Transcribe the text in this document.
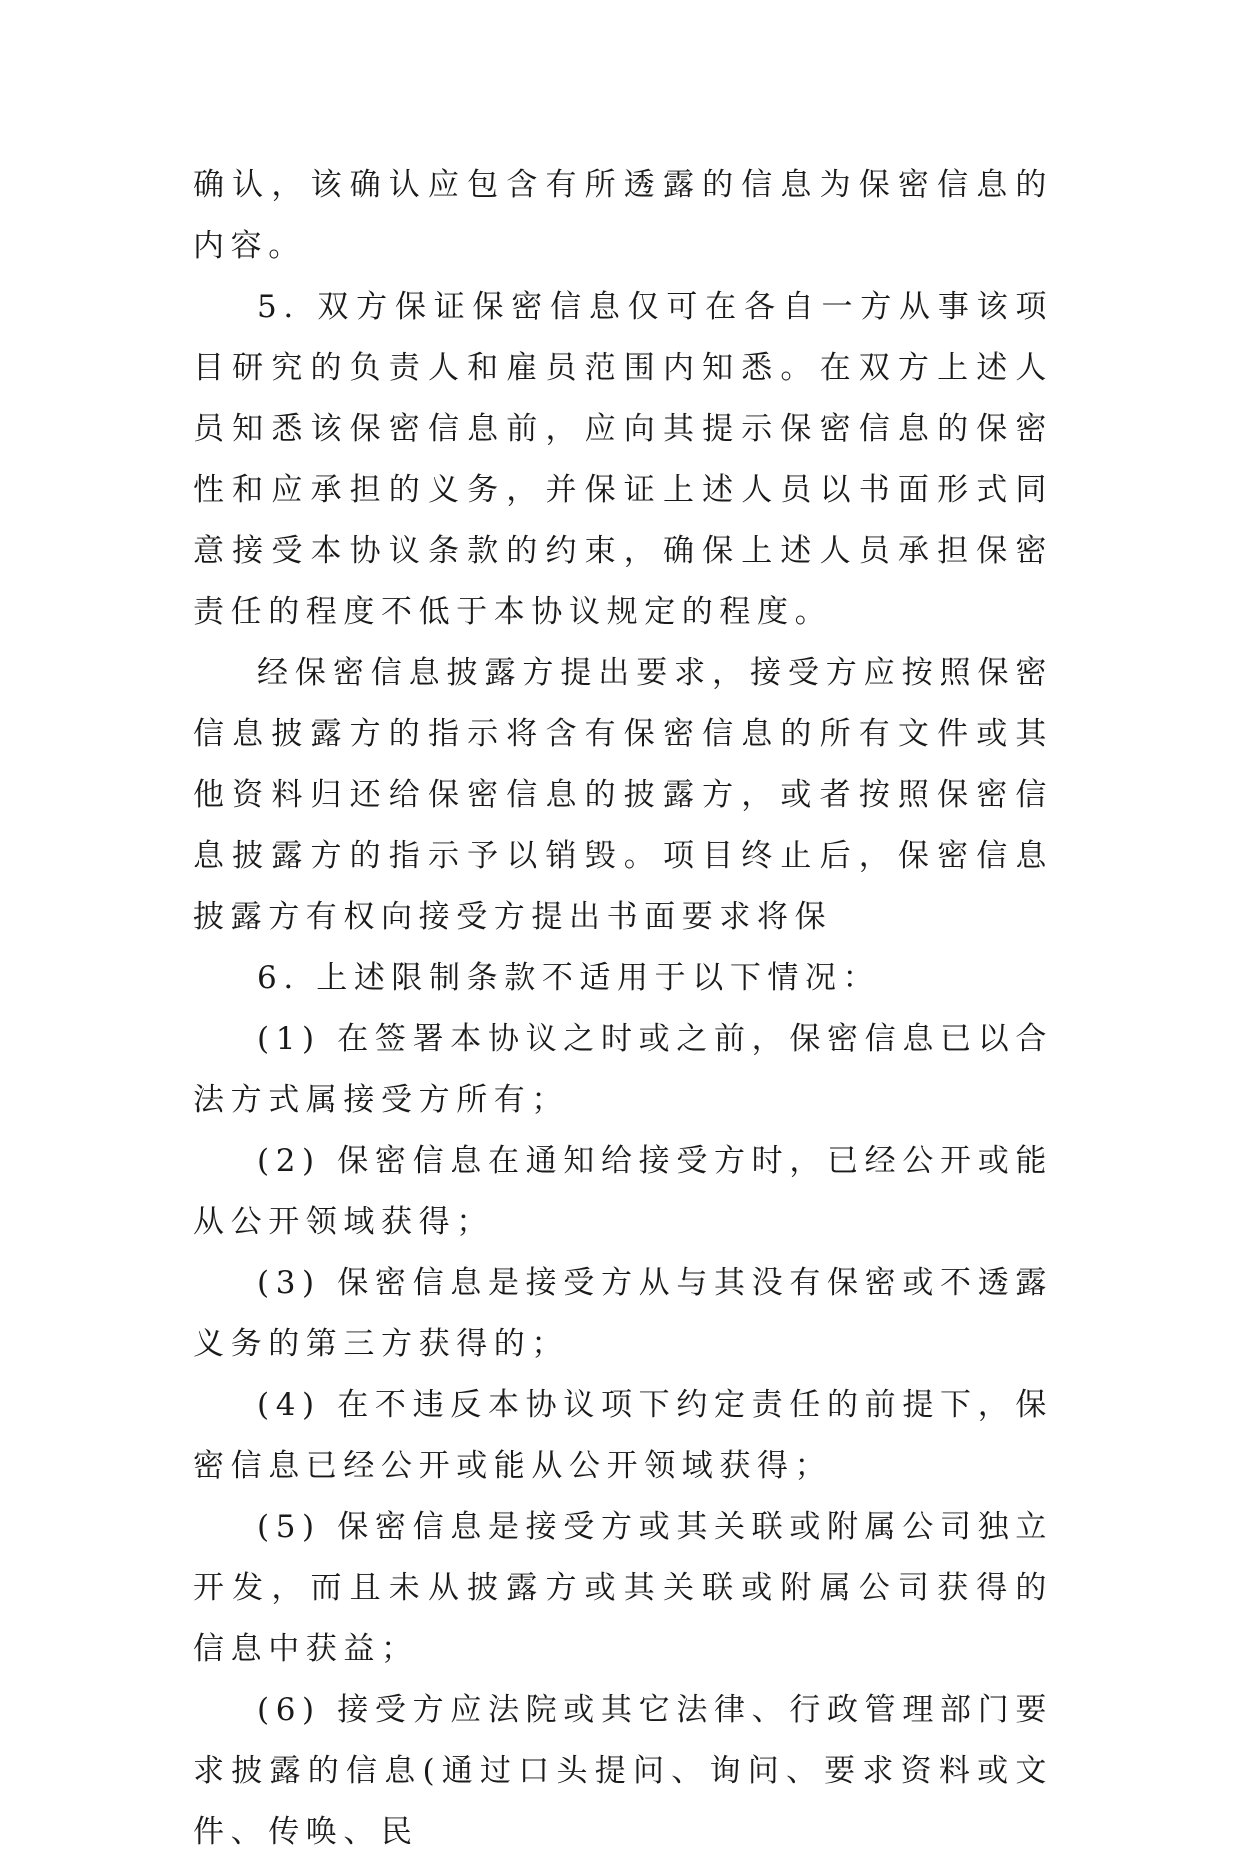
确认，该确认应包含有所透露的信息为保密信息的内容。

5. 双方保证保密信息仅可在各自一方从事该项目研究的负责人和雇员范围内知悉。在双方上述人员知悉该保密信息前，应向其提示保密信息的保密性和应承担的义务，并保证上述人员以书面形式同意接受本协议条款的约束，确保上述人员承担保密责任的程度不低于本协议规定的程度。

经保密信息披露方提出要求，接受方应按照保密信息披露方的指示将含有保密信息的所有文件或其他资料归还给保密信息的披露方，或者按照保密信息披露方的指示予以销毁。项目终止后，保密信息披露方有权向接受方提出书面要求将保

6. 上述限制条款不适用于以下情况：

(1) 在签署本协议之时或之前，保密信息已以合法方式属接受方所有；

(2) 保密信息在通知给接受方时，已经公开或能从公开领域获得；

(3) 保密信息是接受方从与其没有保密或不透露义务的第三方获得的；

(4) 在不违反本协议项下约定责任的前提下，保密信息已经公开或能从公开领域获得；

(5) 保密信息是接受方或其关联或附属公司独立开发，而且未从披露方或其关联或附属公司获得的信息中获益；

(6) 接受方应法院或其它法律、行政管理部门要求披露的信息(通过口头提问、询问、要求资料或文件、传唤、民
